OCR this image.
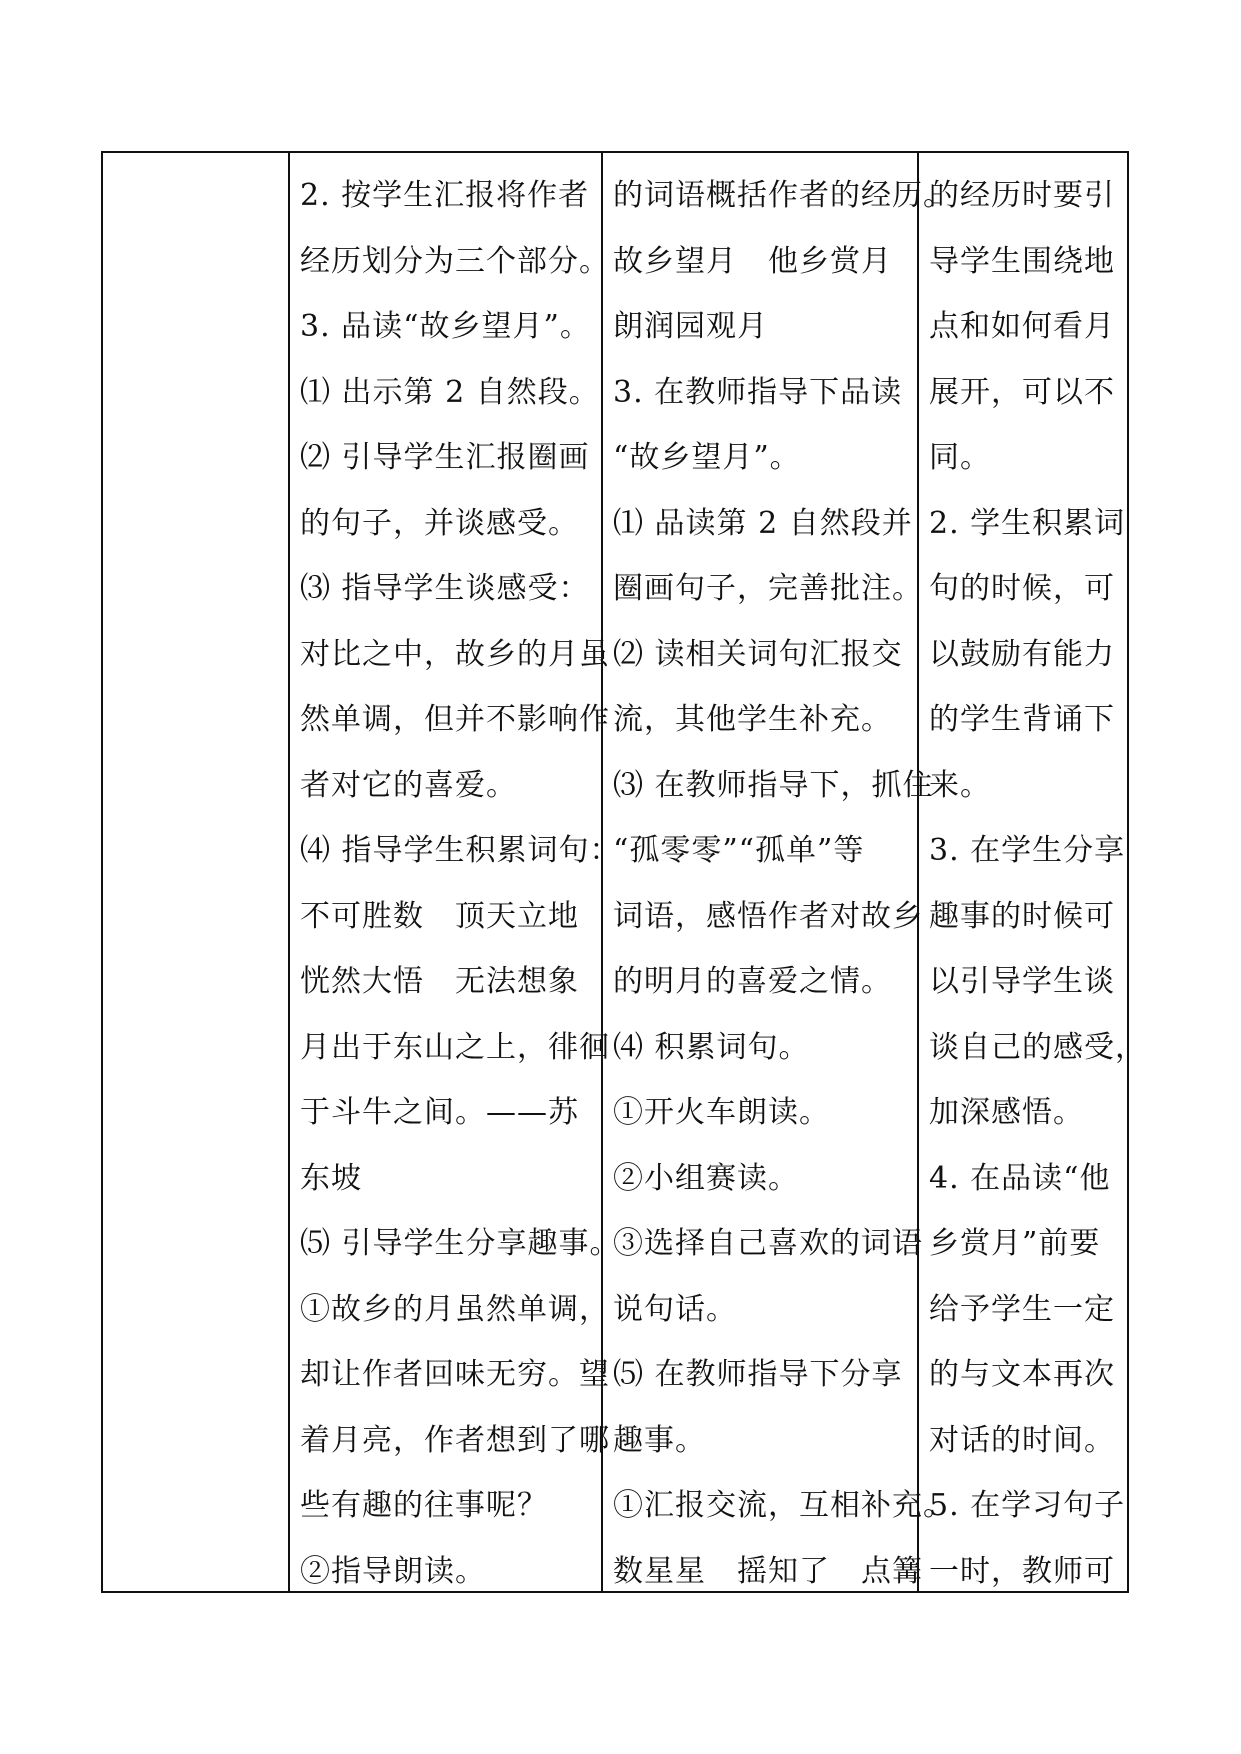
2. 按学生汇报将作者
经历划分为三个部分。
3. 品读“故乡望月”。
⑴ 出示第 2 自然段。
⑵ 引导学生汇报圈画
的句子，并谈感受。
⑶ 指导学生谈感受：
对比之中，故乡的月虽
然单调，但并不影响作
者对它的喜爱。
⑷ 指导学生积累词句：
不可胜数　顶天立地
恍然大悟　无法想象
月出于东山之上，徘徊
于斗牛之间。——苏
东坡
⑸ 引导学生分享趣事。
①故乡的月虽然单调，
却让作者回味无穷。望
着月亮，作者想到了哪
些有趣的往事呢？
②指导朗读。
的词语概括作者的经历。
故乡望月　他乡赏月
朗润园观月
3. 在教师指导下品读
“故乡望月”。
⑴ 品读第 2 自然段并
圈画句子，完善批注。
⑵ 读相关词句汇报交
流，其他学生补充。
⑶ 在教师指导下，抓住
“孤零零”“孤单”等
词语，感悟作者对故乡
的明月的喜爱之情。
⑷ 积累词句。
①开火车朗读。
②小组赛读。
③选择自己喜欢的词语
说句话。
⑸ 在教师指导下分享
趣事。
①汇报交流，互相补充。
数星星　摇知了　点篝
的经历时要引
导学生围绕地
点和如何看月
展开，可以不
同。
2. 学生积累词
句的时候，可
以鼓励有能力
的学生背诵下
来。
3. 在学生分享
趣事的时候可
以引导学生谈
谈自己的感受，
加深感悟。
4. 在品读“他
乡赏月”前要
给予学生一定
的与文本再次
对话的时间。
5. 在学习句子
一时，教师可
